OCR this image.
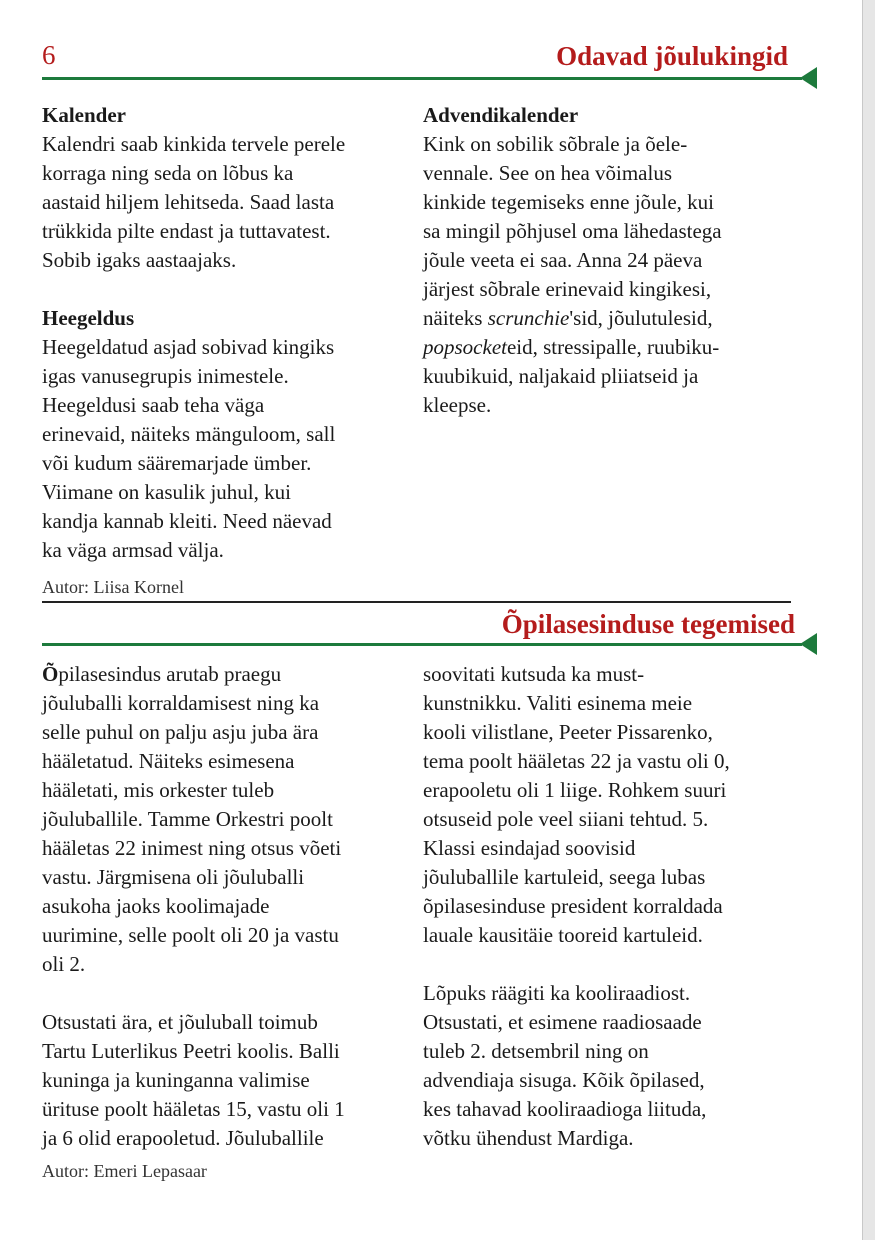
6	Odavad jõulukingid

Kalender

Kalendri saab kinkida tervele perele

korraga ning seda on lõbus ka

aastaid hiljem lehitseda. Saad lasta

trükkida pilte endast ja tuttavatest.

Sobib igaks aastaajaks.

Heegeldus

Heegeldatud asjad sobivad kingiks

igas vanusegrupis inimestele.

Heegeldusi saab teha väga

erinevaid, näiteks mänguloom, sall

või kudum sääremarjade ümber.

Viimane on kasulik juhul, kui

kandja kannab kleiti. Need näevad

ka väga armsad välja.

Advendikalender

Kink on sobilik sõbrale ja õele-

vennale. See on hea võimalus

kinkide tegemiseks enne jõule, kui

sa mingil põhjusel oma lähedastega

jõule veeta ei saa. Anna 24 päeva

järjest sõbrale erinevaid kingikesi,

näiteks scrunchie'sid, jõulutulesid,

popsocketeid, stressipalle, ruubiku-

kuubikuid, naljakaid pliiatseid ja

kleepse.

Autor: Liisa Kornel
Õpilasesinduse tegemised

Õpilasesindus arutab praegu

jõuluballi korraldamisest ning ka

selle puhul on palju asju juba ära

hääletatud. Näiteks esimesena

hääletati, mis orkester tuleb

jõuluballile. Tamme Orkestri poolt

hääletas 22 inimest ning otsus võeti

vastu. Järgmisena oli jõuluballi

asukoha jaoks koolimajade

uurimine, selle poolt oli 20 ja vastu

oli 2.

Otsustati ära, et jõuluball toimub

Tartu Luterlikus Peetri koolis. Balli

kuninga ja kuninganna valimise

ürituse poolt hääletas 15, vastu oli 1

ja 6 olid erapooletud. Jõuluballile

soovitati kutsuda ka must-

kunstnikku. Valiti esinema meie

kooli vilistlane, Peeter Pissarenko,

tema poolt hääletas 22 ja vastu oli 0,

erapooletu oli 1 liige. Rohkem suuri

otsuseid pole veel siiani tehtud. 5.

Klassi esindajad soovisid

jõuluballile kartuleid, seega lubas

õpilasesinduse president korraldada

lauale kausitäie tooreid kartuleid.

Lõpuks räägiti ka kooliraadiost.

Otsustati, et esimene raadiosaade

tuleb 2. detsembril ning on

advendiaja sisuga. Kõik õpilased,

kes tahavad kooliraadioga liituda,

võtku ühendust Mardiga.

Autor: Emeri Lepasaar
